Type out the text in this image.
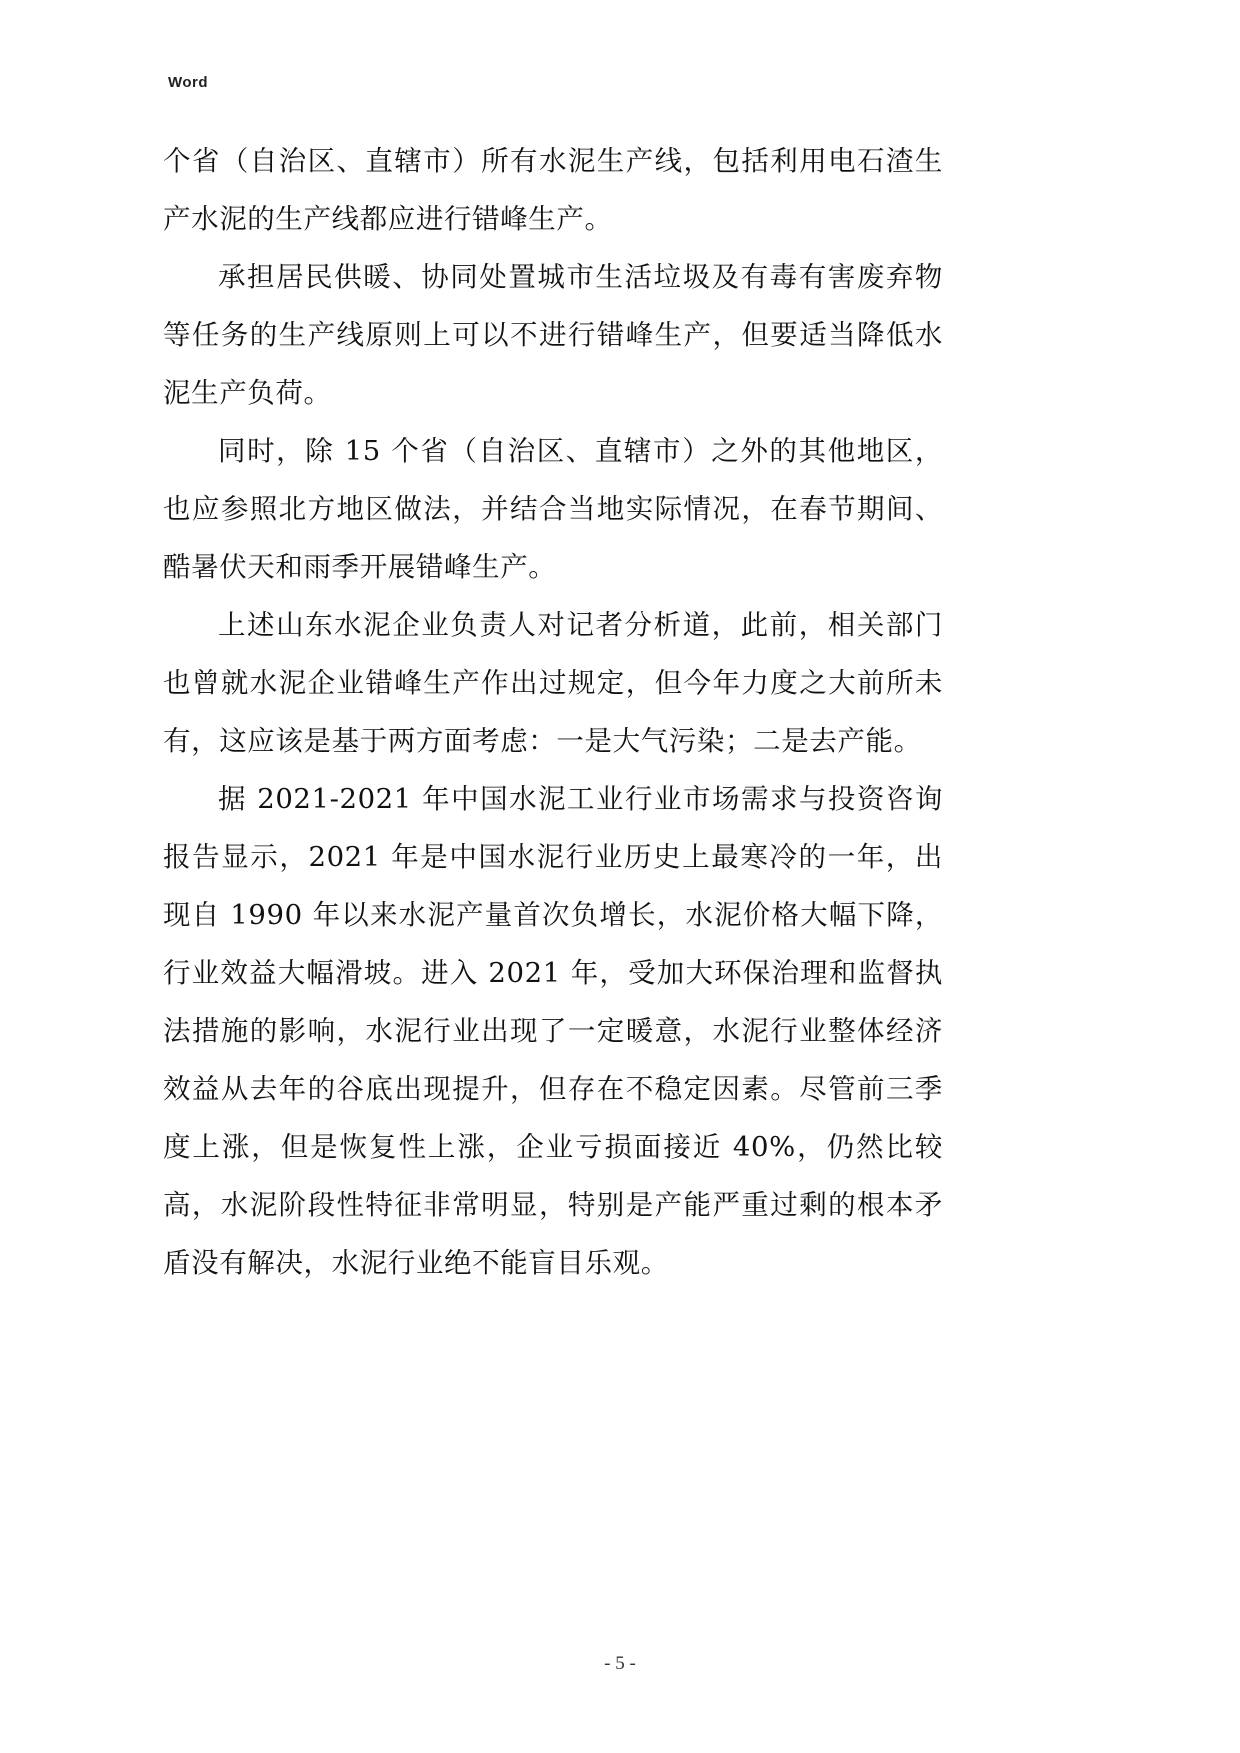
Word

个省（自治区、直辖市）所有水泥生产线，包括利用电石渣生产水泥的生产线都应进行错峰生产。

承担居民供暖、协同处置城市生活垃圾及有毒有害废弃物等任务的生产线原则上可以不进行错峰生产，但要适当降低水泥生产负荷。

同时，除 15 个省（自治区、直辖市）之外的其他地区，也应参照北方地区做法，并结合当地实际情况，在春节期间、酷暑伏天和雨季开展错峰生产。

上述山东水泥企业负责人对记者分析道，此前，相关部门也曾就水泥企业错峰生产作出过规定，但今年力度之大前所未有，这应该是基于两方面考虑：一是大气污染；二是去产能。

据 2021-2021 年中国水泥工业行业市场需求与投资咨询报告显示，2021 年是中国水泥行业历史上最寒冷的一年，出现自 1990 年以来水泥产量首次负增长，水泥价格大幅下降，行业效益大幅滑坡。进入 2021 年，受加大环保治理和监督执法措施的影响，水泥行业出现了一定暖意，水泥行业整体经济效益从去年的谷底出现提升，但存在不稳定因素。尽管前三季度上涨，但是恢复性上涨，企业亏损面接近 40%，仍然比较高，水泥阶段性特征非常明显，特别是产能严重过剩的根本矛盾没有解决，水泥行业绝不能盲目乐观。

- 5 -
